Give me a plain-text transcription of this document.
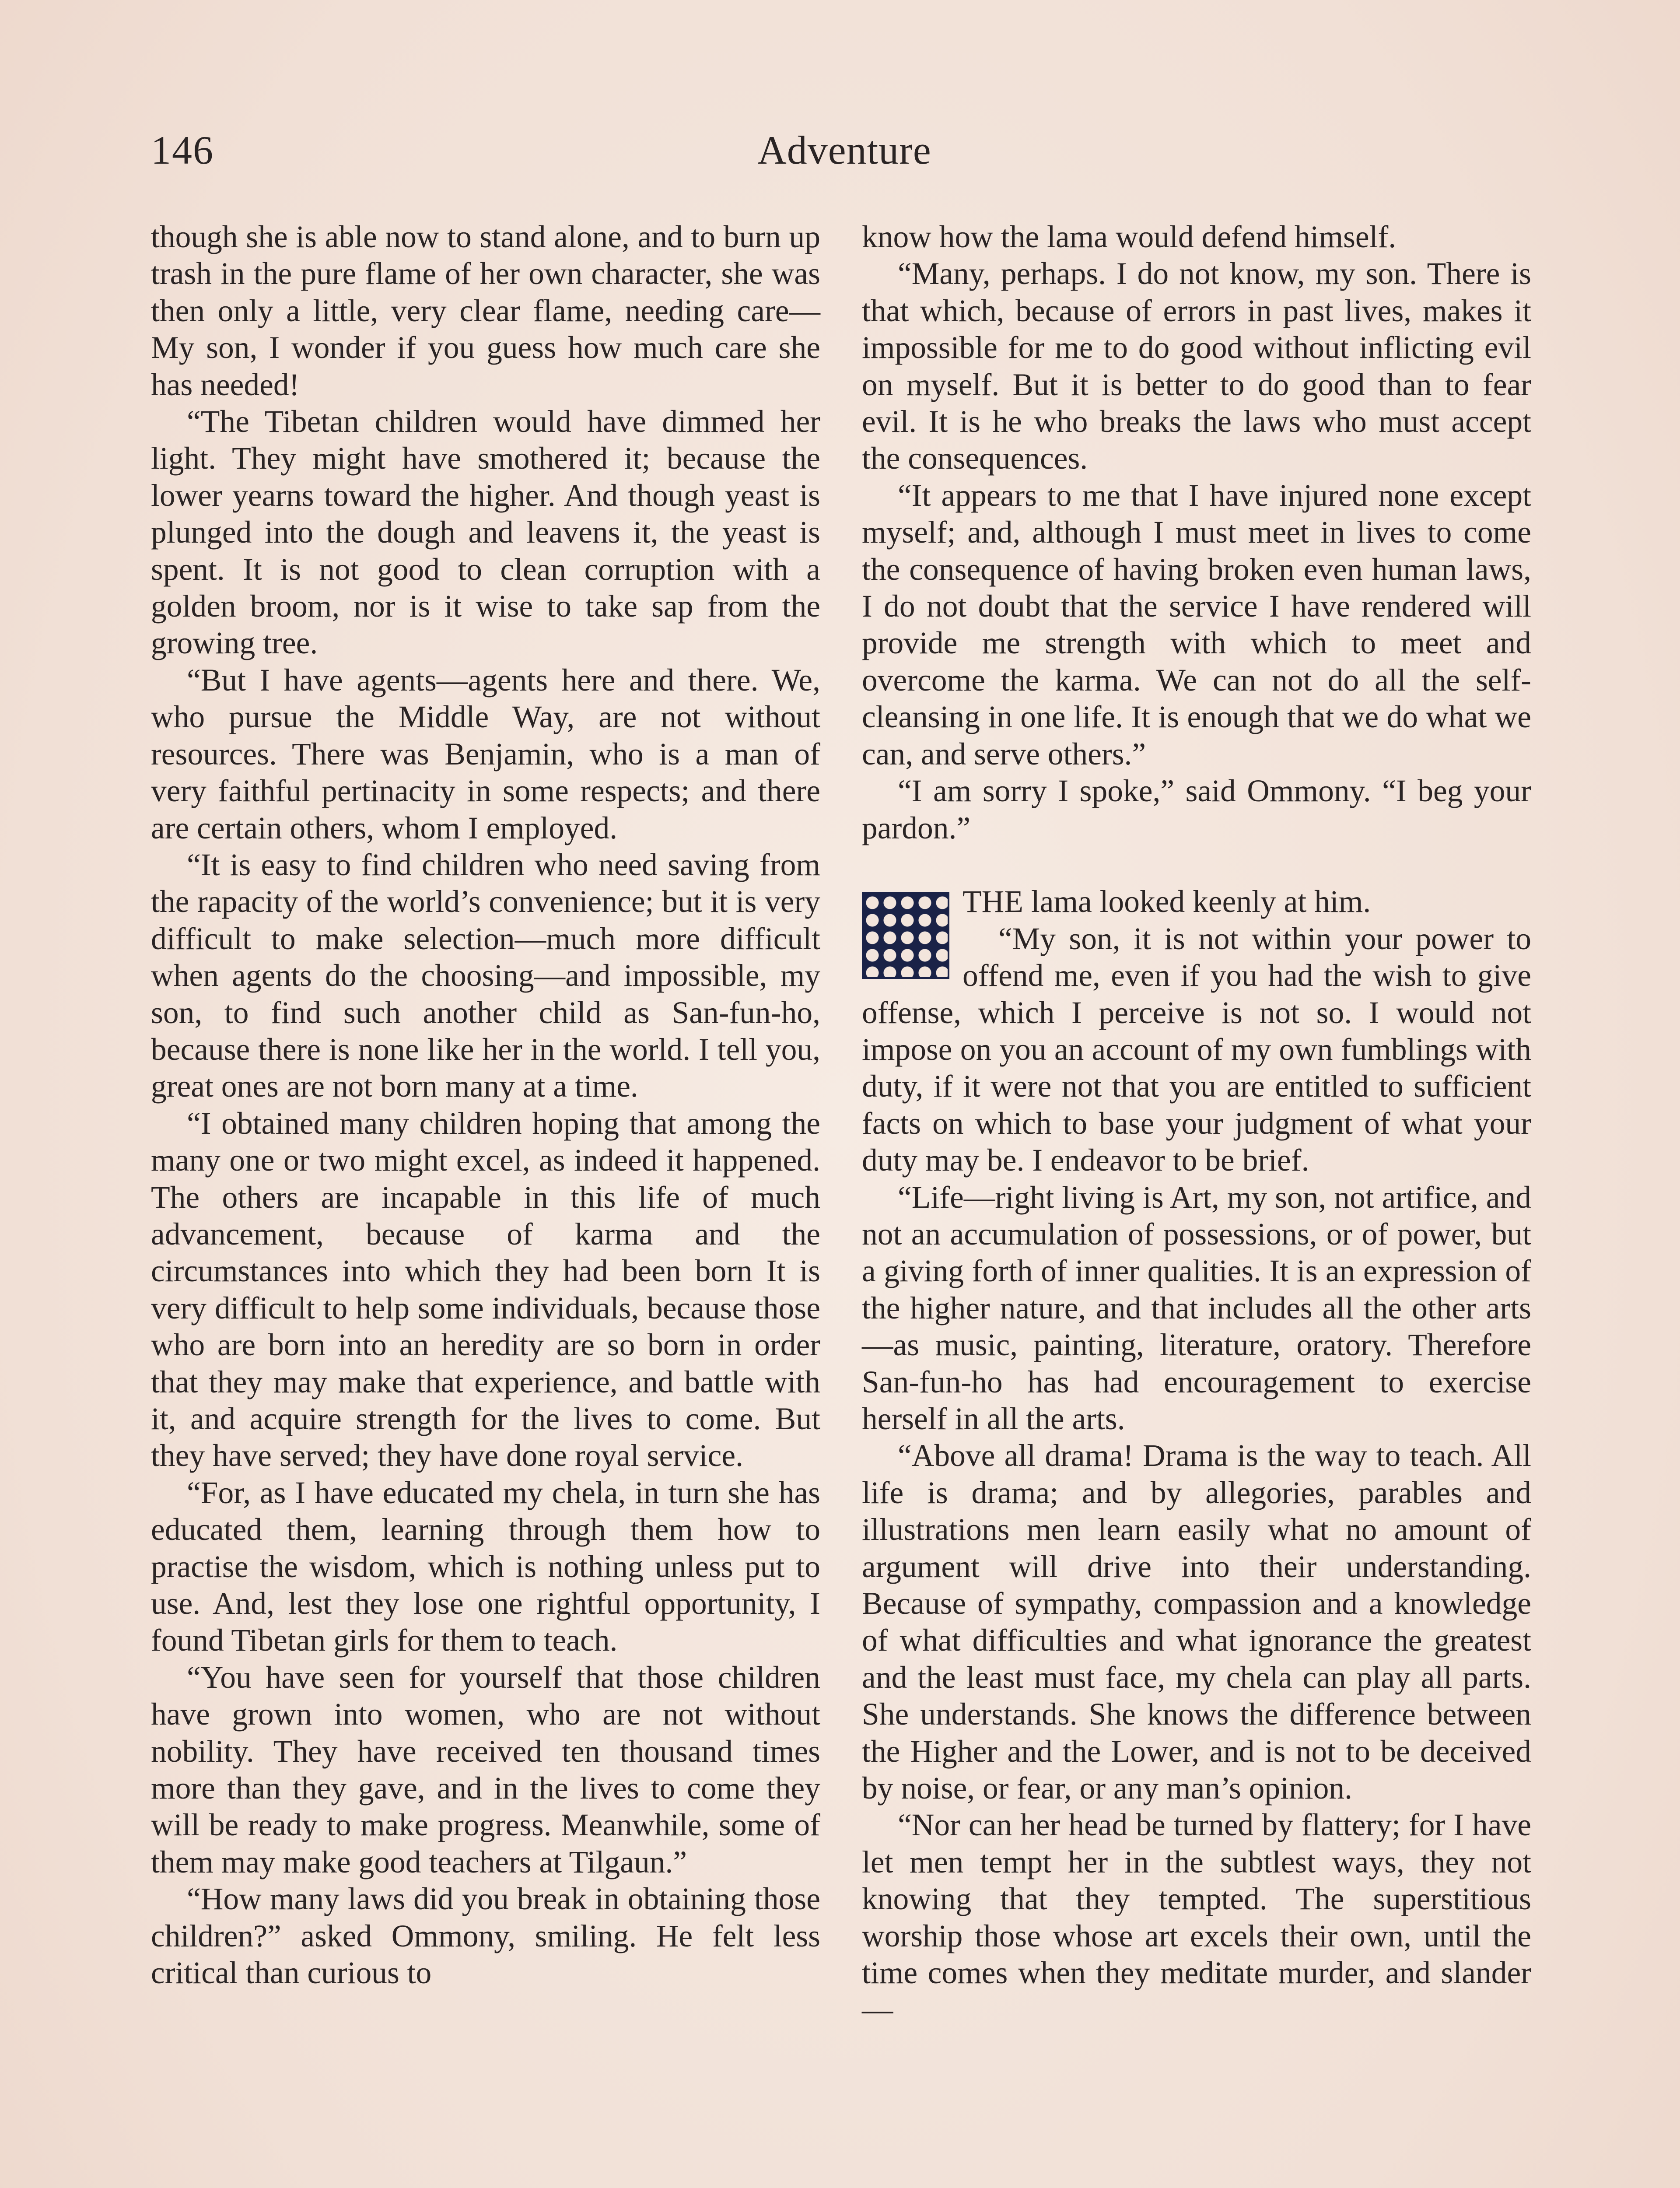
146	Adventure

though she is able now to stand alone, and to burn up trash in the pure flame of her own character, she was then only a little, very clear flame, needing care— My son, I wonder if you guess how much care she has needed!

“The Tibetan children would have dimmed her light. They might have smothered it; because the lower yearns toward the higher. And though yeast is plunged into the dough and leavens it, the yeast is spent. It is not good to clean corruption with a golden broom, nor is it wise to take sap from the growing tree.

“But I have agents—agents here and there. We, who pursue the Middle Way, are not without resources. There was Benjamin, who is a man of very faithful pertinacity in some respects; and there are certain others, whom I employed.

“It is easy to find children who need saving from the rapacity of the world’s convenience; but it is very difficult to make selection—much more difficult when agents do the choosing—and impossible, my son, to find such another child as San-fun-ho, because there is none like her in the world. I tell you, great ones are not born many at a time.

“I obtained many children hoping that among the many one or two might excel, as indeed it happened. The others are incapable in this life of much advancement, because of karma and the circumstances into which they had been born It is very difficult to help some individuals, because those who are born into an heredity are so born in order that they may make that experience, and battle with it, and acquire strength for the lives to come. But they have served; they have done royal service.

“For, as I have educated my chela, in turn she has educated them, learning through them how to practise the wisdom, which is nothing unless put to use. And, lest they lose one rightful opportunity, I found Tibetan girls for them to teach.

“You have seen for yourself that those children have grown into women, who are not without nobility. They have received ten thousand times more than they gave, and in the lives to come they will be ready to make progress. Meanwhile, some of them may make good teachers at Tilgaun.”

“How many laws did you break in obtaining those children?” asked Ommony, smiling. He felt less critical than curious to

know how the lama would defend himself.

“Many, perhaps. I do not know, my son. There is that which, because of errors in past lives, makes it impossible for me to do good without inflicting evil on myself. But it is better to do good than to fear evil. It is he who breaks the laws who must accept the consequences.

“It appears to me that I have injured none except myself; and, although I must meet in lives to come the consequence of having broken even human laws, I do not doubt that the service I have rendered will provide me strength with which to meet and overcome the karma. We can not do all the self-cleansing in one life. It is enough that we do what we can, and serve others.”

“I am sorry I spoke,” said Ommony. “I beg your pardon.”

THE lama looked keenly at him.

“My son, it is not within your power to offend me, even if you had the wish to give offense, which I perceive is not so. I would not impose on you an account of my own fumblings with duty, if it were not that you are entitled to sufficient facts on which to base your judgment of what your duty may be. I endeavor to be brief.

“Life—right living is Art, my son, not artifice, and not an accumulation of possessions, or of power, but a giving forth of inner qualities. It is an expression of the higher nature, and that includes all the other arts—as music, painting, literature, oratory. Therefore San-fun-ho has had encouragement to exercise herself in all the arts.

“Above all drama! Drama is the way to teach. All life is drama; and by allegories, parables and illustrations men learn easily what no amount of argument will drive into their understanding. Because of sympathy, compassion and a knowledge of what difficulties and what ignorance the greatest and the least must face, my chela can play all parts. She understands. She knows the difference between the Higher and the Lower, and is not to be deceived by noise, or fear, or any man’s opinion.

“Nor can her head be turned by flattery; for I have let men tempt her in the subtlest ways, they not knowing that they tempted. The superstitious worship those whose art excels their own, until the time comes when they meditate murder, and slander—
